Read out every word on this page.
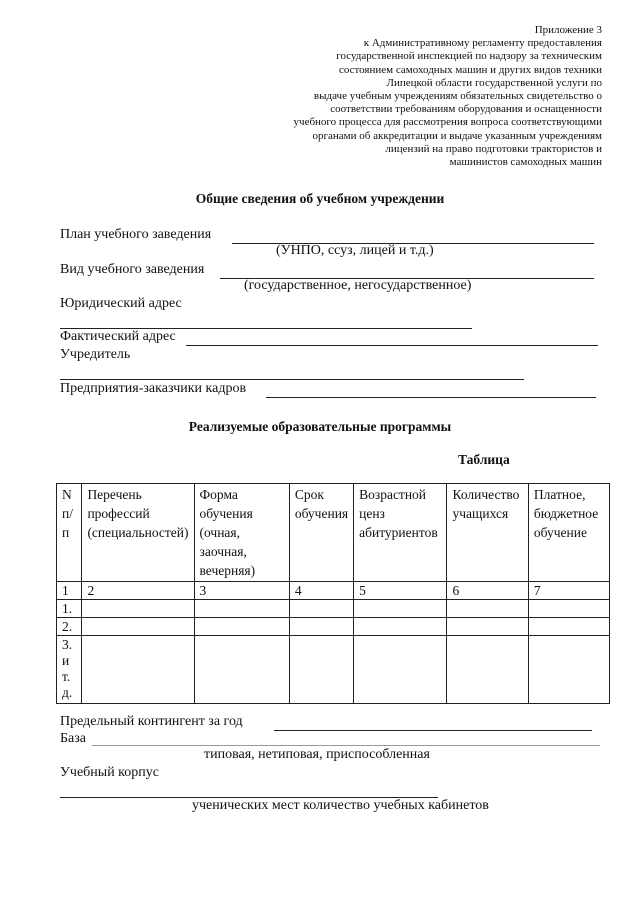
Приложение 3
к Административному регламенту предоставления
государственной инспекцией по надзору за техническим
состоянием самоходных машин и других видов техники
Липецкой области государственной услуги по
выдаче учебным учреждениям обязательных свидетельство о
соответствии требованиям оборудования и оснащенности
учебного процесса для рассмотрения вопроса соответствующими
органами об аккредитации и выдаче указанным учреждениям
лицензий на право подготовки трактористов и
машинистов самоходных машин
Общие сведения об учебном учреждении
План учебного заведения
(УНПО, ссуз, лицей и т.д.)
Вид учебного заведения
(государственное, негосударственное)
Юридический адрес
Фактический адрес
Учредитель
Предприятия-заказчики кадров
Реализуемые образовательные программы
Таблица
N п/п	Перечень профессий (специальностей)	Форма обучения (очная, заочная, вечерняя)	Срок обучения	Возрастной ценз абитуриентов	Количество учащихся	Платное, бюджетное обучение
1	2	3	4	5	6	7
1.						
2.						
3. и т. д.						
Предельный контингент за год
База
типовая, нетиповая, приспособленная
Учебный корпус
ученических мест количество учебных кабинетов
